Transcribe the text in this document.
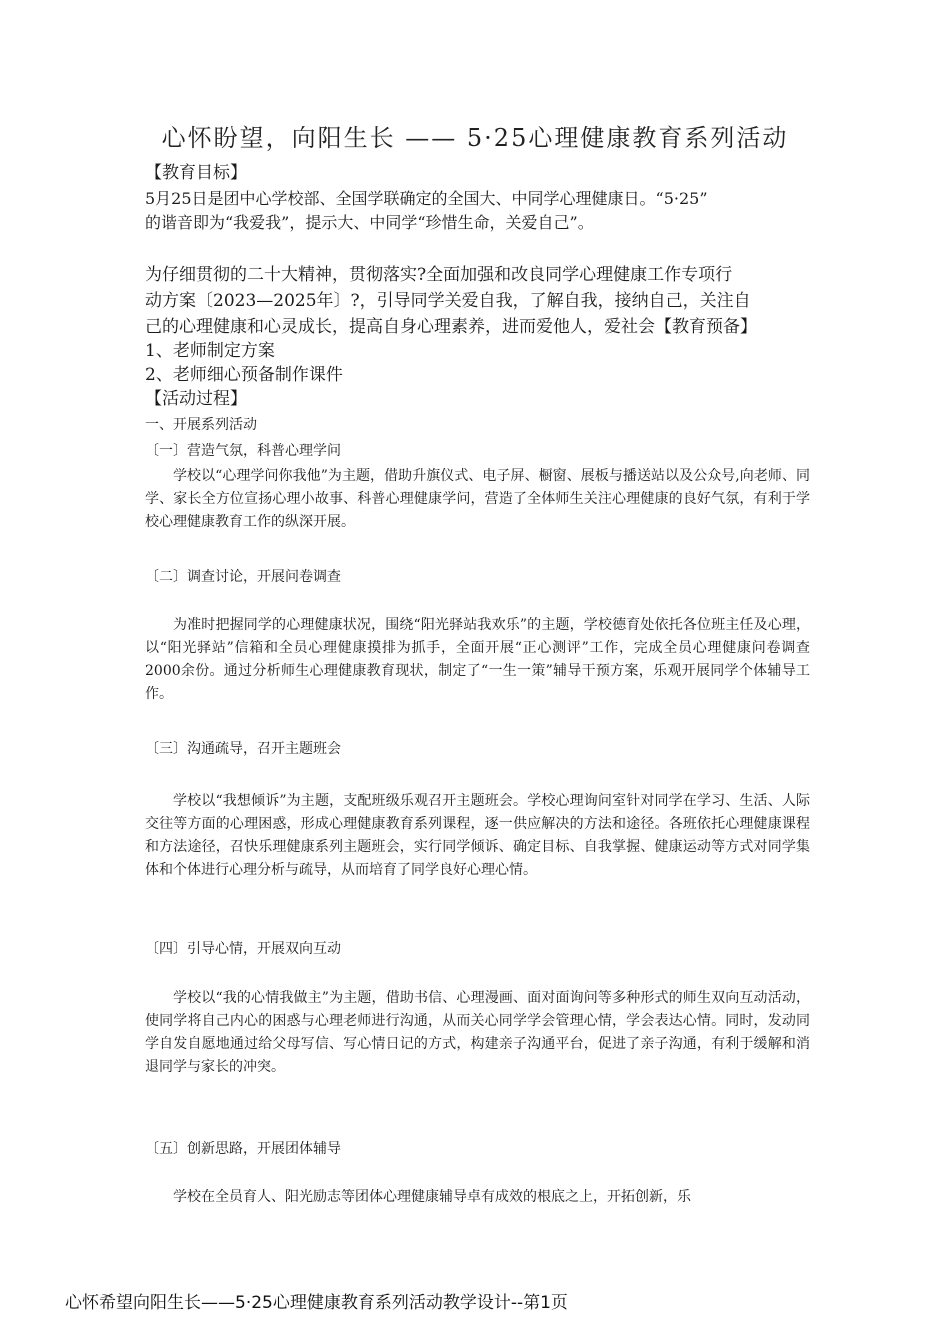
心怀盼望，向阳生长 —— 5·25心理健康教育系列活动
【教育目标】
5月25日是团中心学校部、全国学联确定的全国大、中同学心理健康日。“5·25”
的谐音即为“我爱我”，提示大、中同学“珍惜生命，关爱自己”。
为仔细贯彻的二十大精神，贯彻落实?全面加强和改良同学心理健康工作专项行
动方案〔2023—2025年〕?，引导同学关爱自我，了解自我，接纳自己，关注自
己的心理健康和心灵成长，提高自身心理素养，进而爱他人，爱社会【教育预备】
1、老师制定方案
2、老师细心预备制作课件
【活动过程】
一、开展系列活动
〔一〕营造气氛，科普心理学问
学校以“心理学问你我他”为主题，借助升旗仪式、电子屏、橱窗、展板与播送站以及公众号,向老师、同学、家长全方位宣扬心理小故事、科普心理健康学问，营造了全体师生关注心理健康的良好气氛，有利于学校心理健康教育工作的纵深开展。
〔二〕调查讨论，开展问卷调查
为准时把握同学的心理健康状况，围绕“阳光驿站我欢乐”的主题，学校德育处依托各位班主任及心理，以“阳光驿站”信箱和全员心理健康摸排为抓手，全面开展“正心测评”工作，完成全员心理健康问卷调查2000余份。通过分析师生心理健康教育现状，制定了“一生一策”辅导干预方案，乐观开展同学个体辅导工作。
〔三〕沟通疏导，召开主题班会
学校以“我想倾诉”为主题，支配班级乐观召开主题班会。学校心理询问室针对同学在学习、生活、人际交往等方面的心理困惑，形成心理健康教育系列课程，逐一供应解决的方法和途径。各班依托心理健康课程和方法途径，召快乐理健康系列主题班会，实行同学倾诉、确定目标、自我掌握、健康运动等方式对同学集体和个体进行心理分析与疏导，从而培育了同学良好心理心情。
〔四〕引导心情，开展双向互动
学校以“我的心情我做主”为主题，借助书信、心理漫画、面对面询问等多种形式的师生双向互动活动，使同学将自己内心的困惑与心理老师进行沟通，从而关心同学学会管理心情，学会表达心情。同时，发动同学自发自愿地通过给父母写信、写心情日记的方式，构建亲子沟通平台，促进了亲子沟通，有利于缓解和消退同学与家长的冲突。
〔五〕创新思路，开展团体辅导
学校在全员育人、阳光励志等团体心理健康辅导卓有成效的根底之上，开拓创新，乐
心怀希望向阳生长——5·25心理健康教育系列活动教学设计--第1页
